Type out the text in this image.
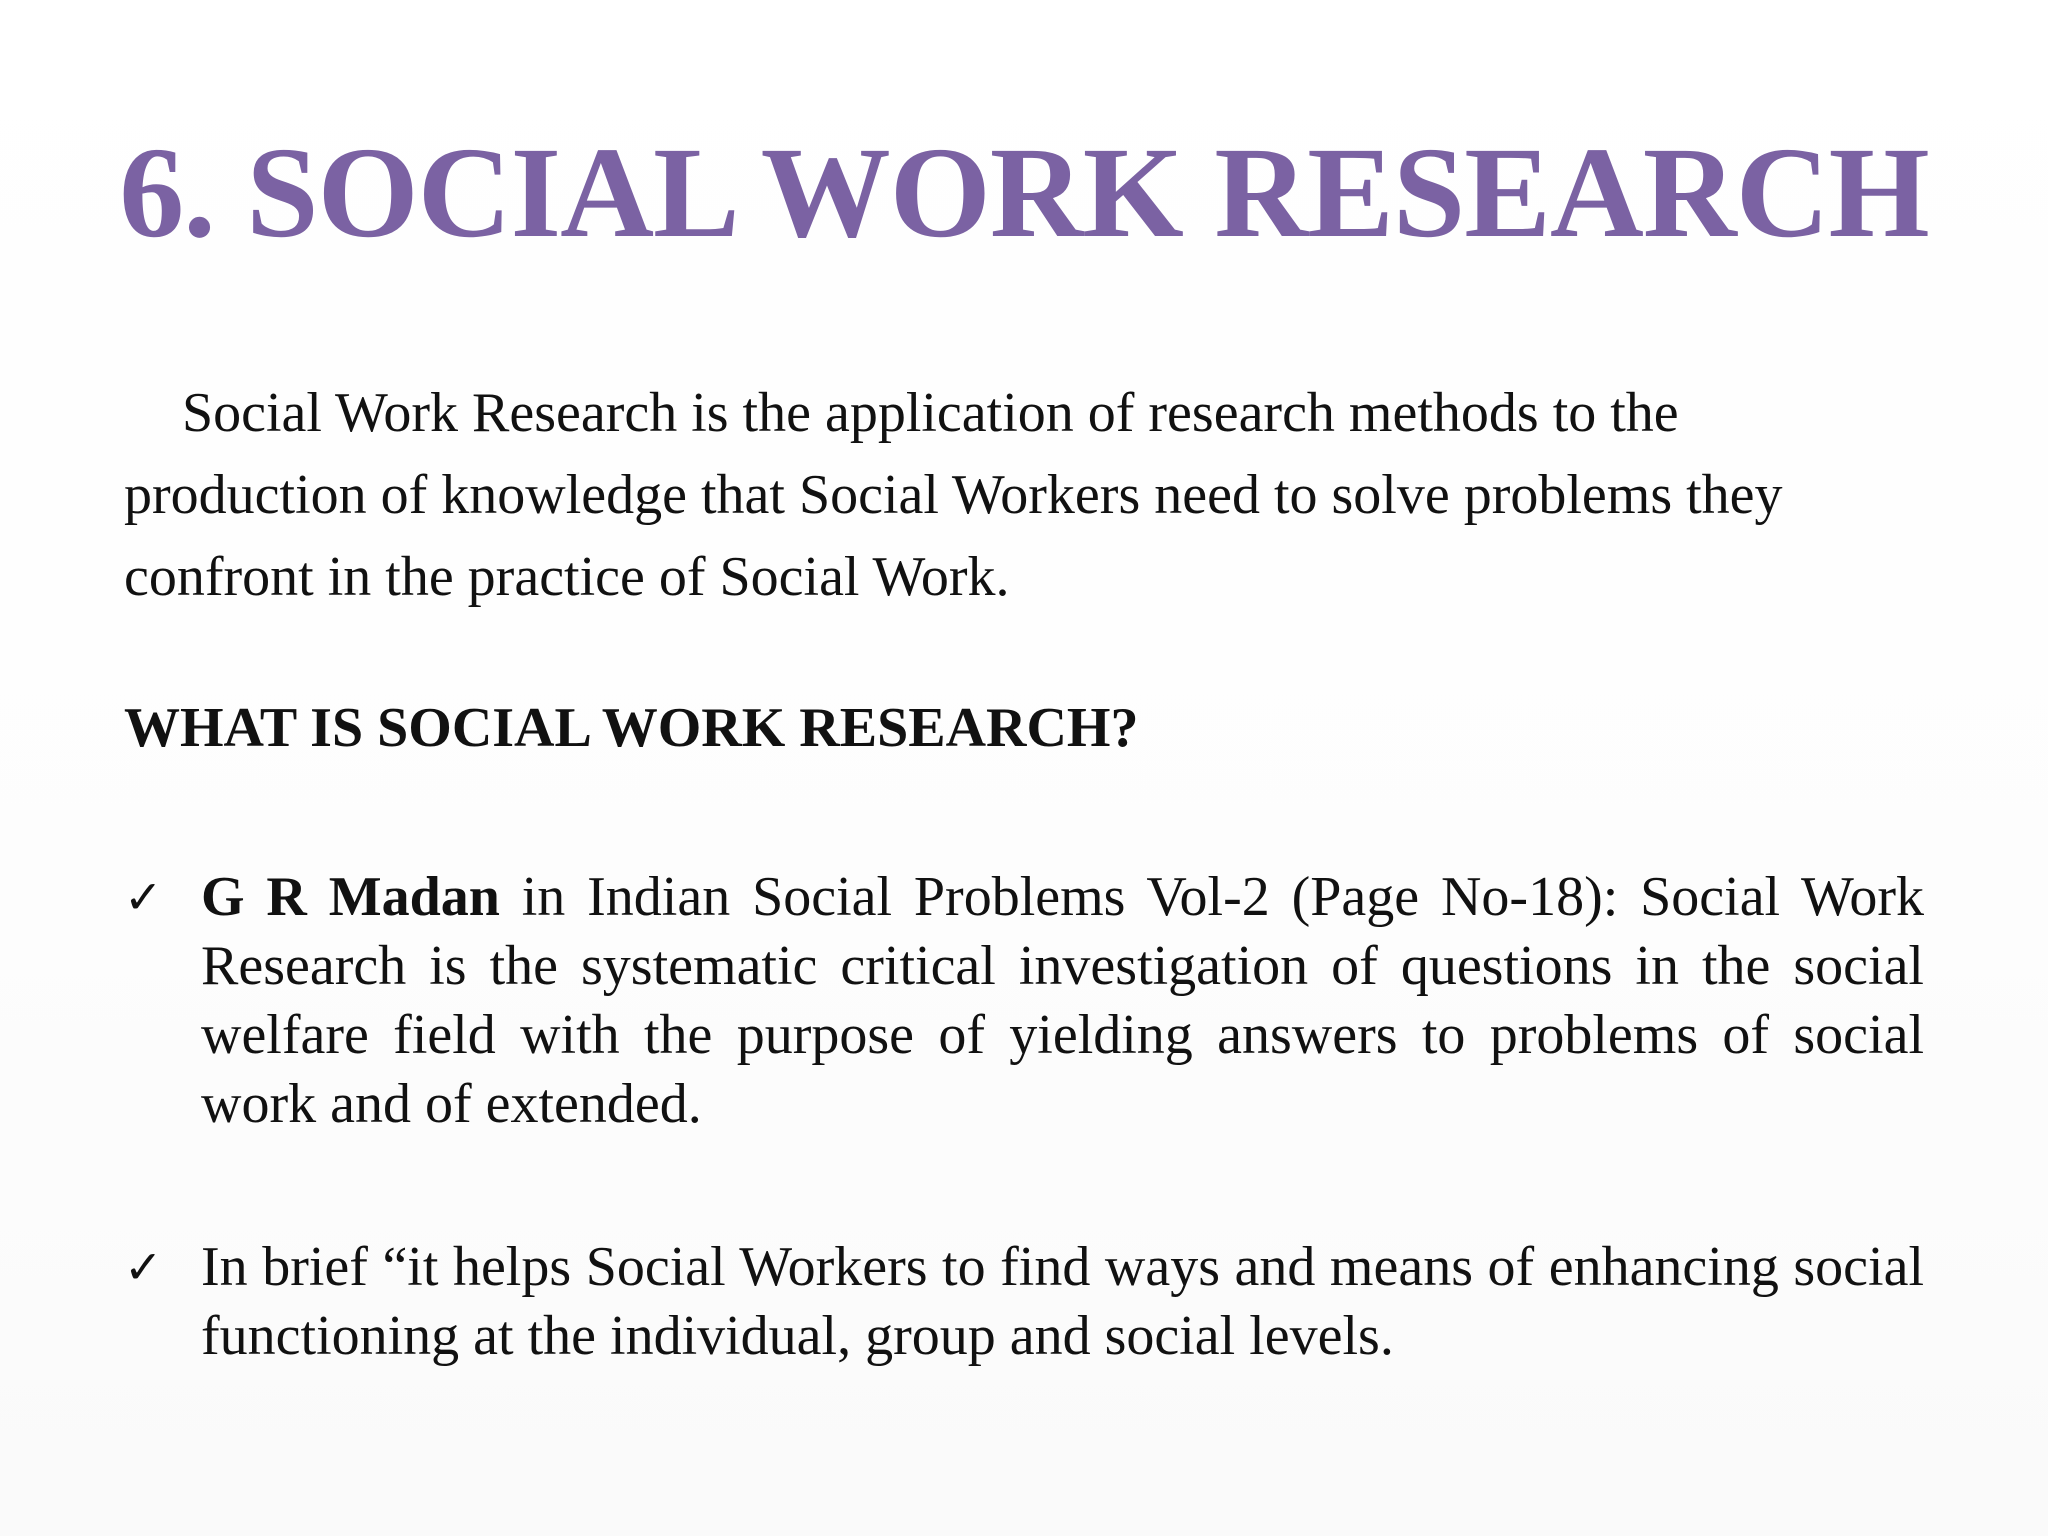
6. SOCIAL WORK RESEARCH
Social Work Research is the application of research methods to the
production of knowledge that Social Workers need to solve problems they
confront in the practice of Social Work.
WHAT IS SOCIAL WORK RESEARCH?
✓ G R Madan in Indian Social Problems Vol-2 (Page No-18): Social Work Research is the systematic critical investigation of questions in the social welfare field with the purpose of yielding answers to problems of social work and of extended.
✓ In brief “it helps Social Workers to find ways and means of enhancing social functioning at the individual, group and social levels.
